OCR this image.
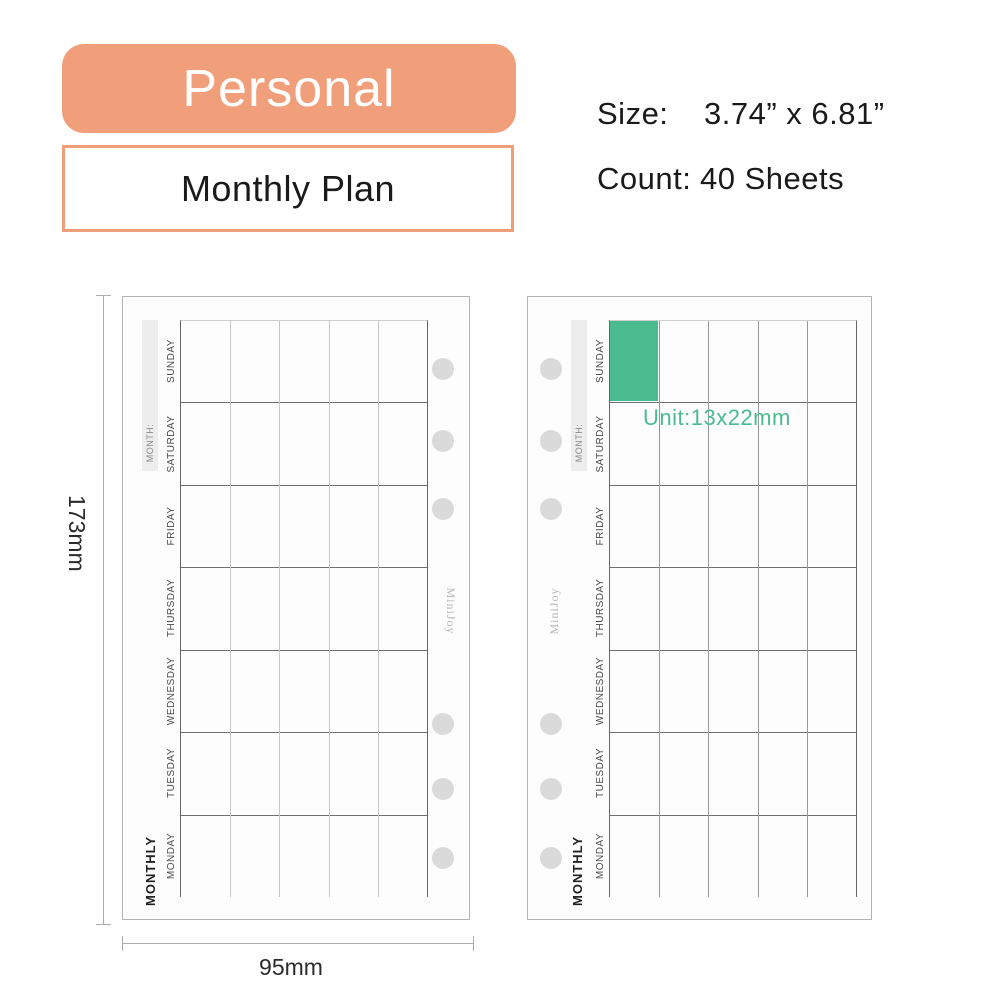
Personal
Monthly Plan
Size: 3.74” x 6.81”
Count: 40 Sheets
173mm
95mm
MONTH:
SUNDAY
SATURDAY
FRIDAY
THURSDAY
WEDNESDAY
TUESDAY
MONDAY
MONTHLY
MiniJoy
MONTH:
SUNDAY
SATURDAY
FRIDAY
THURSDAY
WEDNESDAY
TUESDAY
MONDAY
MONTHLY
Unit:13x22mm
MiniJoy
